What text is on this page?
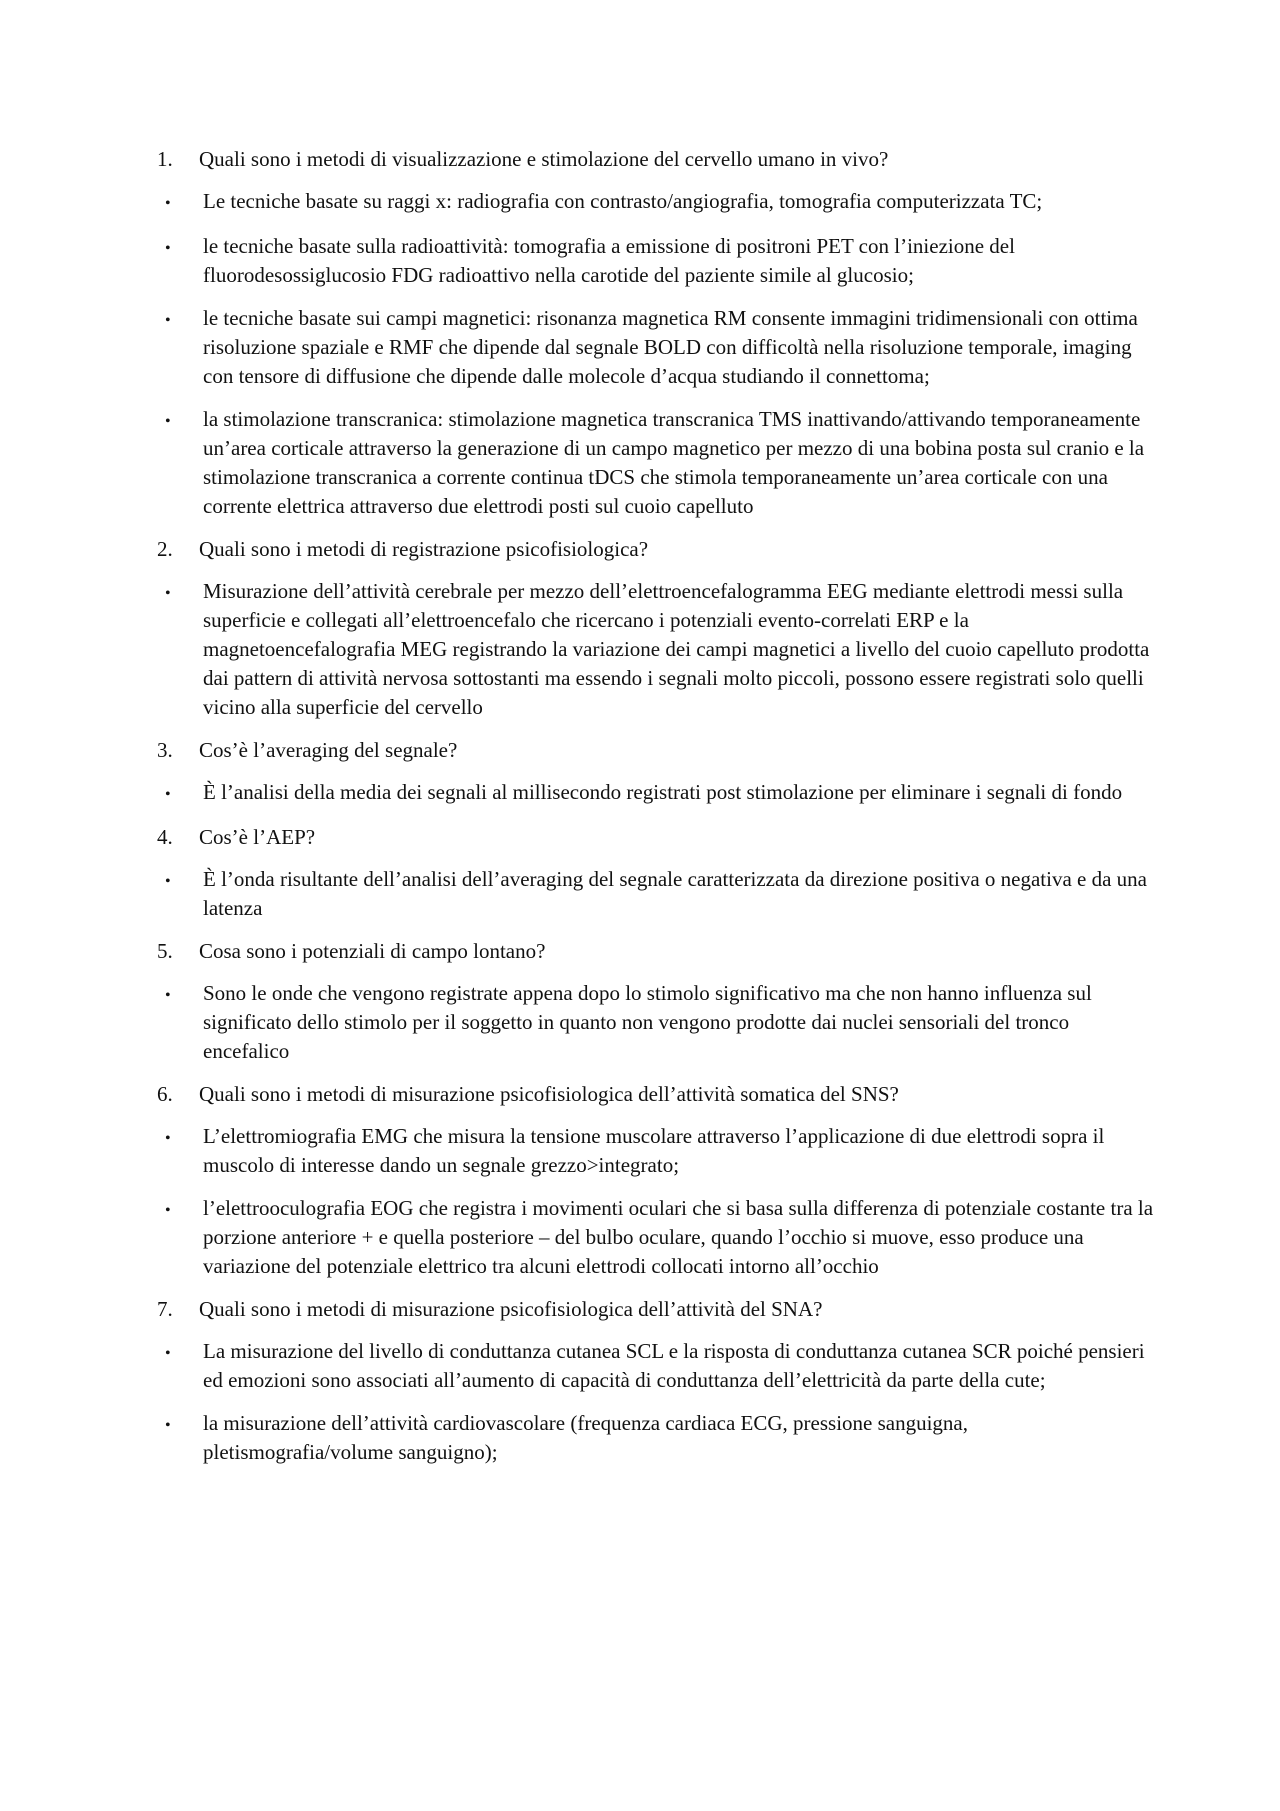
1.	Quali sono i metodi di visualizzazione e stimolazione del cervello umano in vivo?
•	Le tecniche basate su raggi x: radiografia con contrasto/angiografia, tomografia computerizzata TC;
•	le tecniche basate sulla radioattività: tomografia a emissione di positroni PET con l’iniezione del fluorodesossiglucosio FDG radioattivo nella carotide del paziente simile al glucosio;
•	le tecniche basate sui campi magnetici: risonanza magnetica RM consente immagini tridimensionali con ottima risoluzione spaziale e RMF che dipende dal segnale BOLD con difficoltà nella risoluzione temporale, imaging con tensore di diffusione che dipende dalle molecole d’acqua studiando il connettoma;
•	la stimolazione transcranica: stimolazione magnetica transcranica TMS inattivando/attivando temporaneamente un’area corticale attraverso la generazione di un campo magnetico per mezzo di una bobina posta sul cranio e la stimolazione transcranica a corrente continua tDCS che stimola temporaneamente un’area corticale con una corrente elettrica attraverso due elettrodi posti sul cuoio capelluto
2.	Quali sono i metodi di registrazione psicofisiologica?
•	Misurazione dell’attività cerebrale per mezzo dell’elettroencefalogramma EEG mediante elettrodi messi sulla superficie e collegati all’elettroencefalo che ricercano i potenziali evento-correlati ERP e la magnetoencefalografia MEG registrando la variazione dei campi magnetici a livello del cuoio capelluto prodotta dai pattern di attività nervosa sottostanti ma essendo i segnali molto piccoli, possono essere registrati solo quelli vicino alla superficie del cervello
3.	Cos’è l’averaging del segnale?
•	È l’analisi della media dei segnali al millisecondo registrati post stimolazione per eliminare i segnali di fondo
4.	Cos’è l’AEP?
•	È l’onda risultante dell’analisi dell’averaging del segnale caratterizzata da direzione positiva o negativa e da una latenza
5.	Cosa sono i potenziali di campo lontano?
•	Sono le onde che vengono registrate appena dopo lo stimolo significativo ma che non hanno influenza sul significato dello stimolo per il soggetto in quanto non vengono prodotte dai nuclei sensoriali del tronco encefalico
6.	Quali sono i metodi di misurazione psicofisiologica dell’attività somatica del SNS?
•	L’elettromiografia EMG che misura la tensione muscolare attraverso l’applicazione di due elettrodi sopra il muscolo di interesse dando un segnale grezzo>integrato;
•	l’elettrooculografia EOG che registra i movimenti oculari che si basa sulla differenza di potenziale costante tra la porzione anteriore + e quella posteriore – del bulbo oculare, quando l’occhio si muove, esso produce una variazione del potenziale elettrico tra alcuni elettrodi collocati intorno all’occhio
7.	Quali sono i metodi di misurazione psicofisiologica dell’attività del SNA?
•	La misurazione del livello di conduttanza cutanea SCL e la risposta di conduttanza cutanea SCR poiché pensieri ed emozioni sono associati all’aumento di capacità di conduttanza dell’elettricità da parte della cute;
•	la misurazione dell’attività cardiovascolare (frequenza cardiaca ECG, pressione sanguigna, pletismografia/volume sanguigno);
